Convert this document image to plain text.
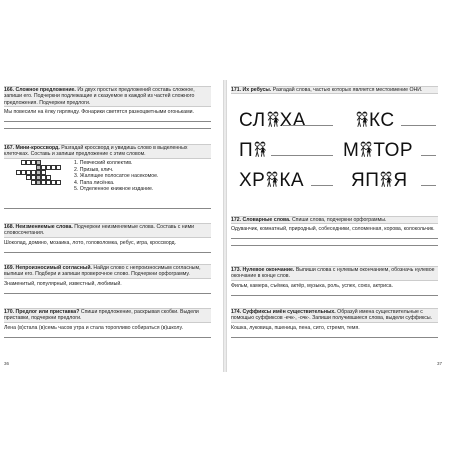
166. Сложное предложение. Из двух простых предложений составь сложное, запиши его. Подчеркни подлежащие и сказуемое в каждой из частей сложного предложения. Подчеркни предлоги.
Мы повесили на ёлку гирлянду. Фонарики светятся разноцветными огоньками.
167. Мини-кроссворд. Разгадай кроссворд и увидишь слово в выделенных клеточках. Составь и запиши предложение с этим словом.
1. Певческий коллектив.
2. Призыв, клич.
3. Жалящее полосатое насекомое.
4. Папа лисёнка.
5. Отделенное книжное издание.
168. Неизменяемые слова. Подчеркни неизменяемые слова. Составь с ними словосочетания.
Шоколад, домино, мозаика, лото, головоломка, ребус, игра, кроссворд.
169. Непроизносимый согласный. Найди слово с непроизносимым согласным, выпиши его. Подбери и запиши проверочное слово. Подчеркни орфограмму.
Знаменитый, популярный, известный, любимый.
170. Предлог или приставка? Спиши предложение, раскрывая скобки. Выдели приставки, подчеркни предлоги.
Лена (в)стала (в)семь часов утра и стала торопливо собираться (в)школу.
36
171. Их ребусы. Разгадай слова, частью которых является местоимение ОНИ.
СЛ ХА	КС
П	М ТОР
ХР КА ЯП Я
172. Словарные слова. Спиши слова, подчеркни орфограммы.
Одуванчик, комнатный, природный, собеседники, соломенная, корова, колокольчик.
173. Нулевое окончание. Выпиши слова с нулевым окончанием, обозначь нулевое окончание в конце слов.
Фильм, камера, съёмка, актёр, музыка, роль, успех, союз, актриса.
174. Суффиксы имён существительных. Образуй имена существительные с помощью суффиксов -ечк-, -очк-. Запиши получившиеся слова, выдели суффиксы.
Кошка, луковица, пшеница, пена, сито, стремя, темя.
37
